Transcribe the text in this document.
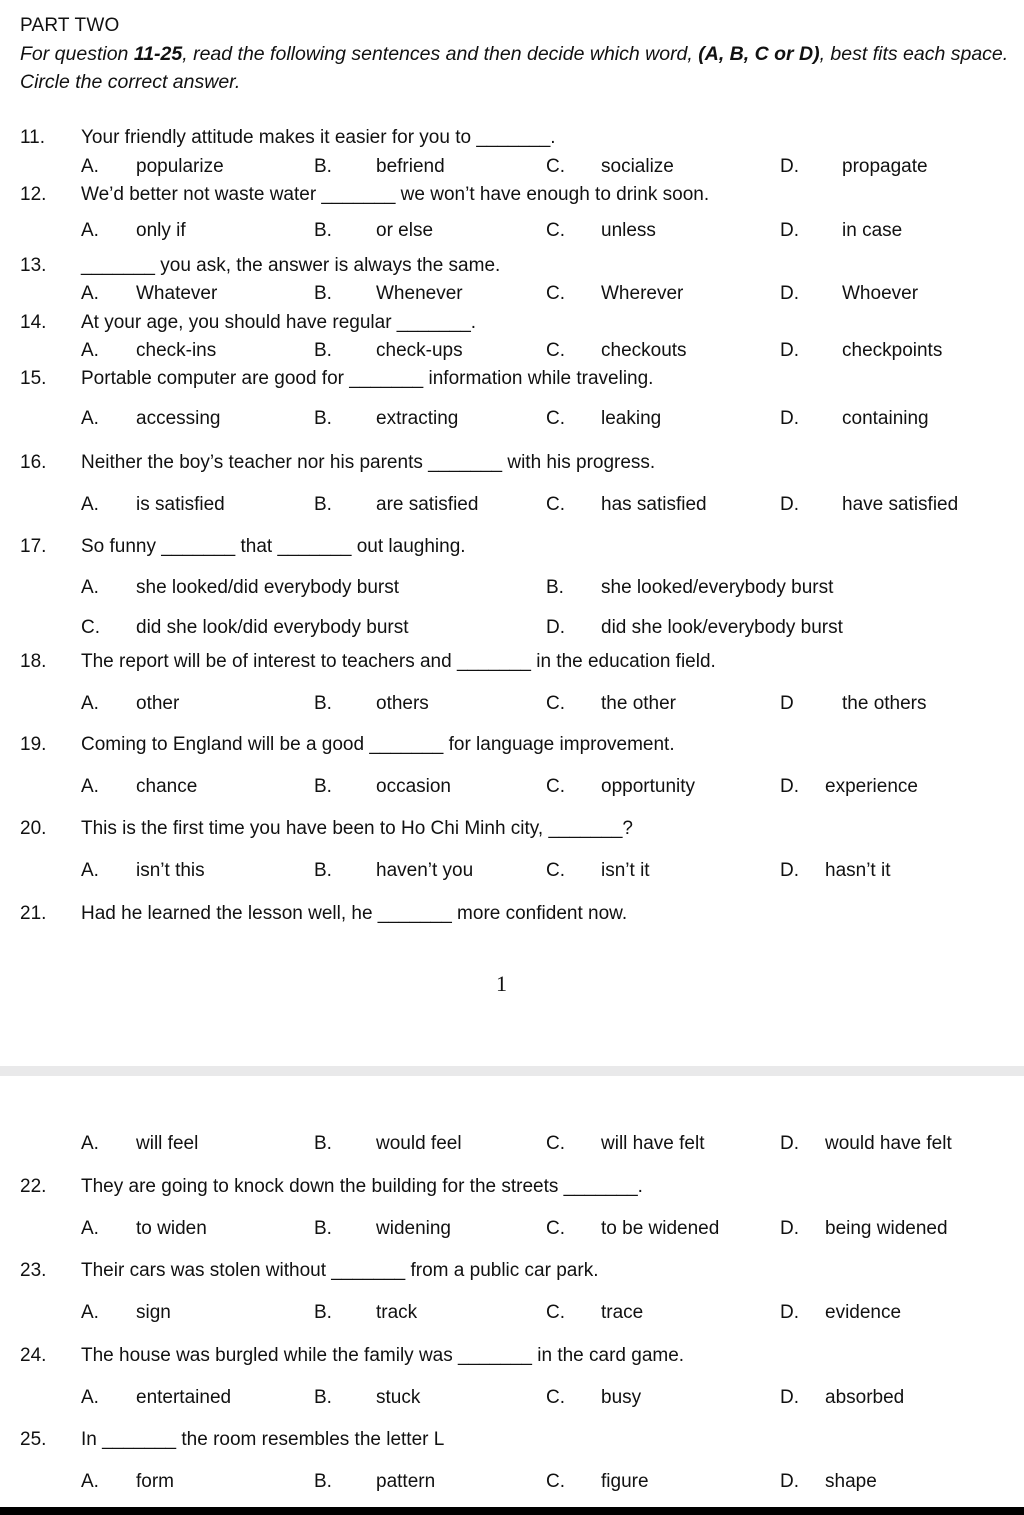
PART TWO
For question 11-25, read the following sentences and then decide which word, (A, B, C or D), best fits each space. Circle the correct answer.
11. Your friendly attitude makes it easier for you to _______.
A. popularize	B. befriend	C. socialize	D. propagate
12. We’d better not waste water _______ we won’t have enough to drink soon.
A. only if	B. or else	C. unless	D. in case
13. _______ you ask, the answer is always the same.
A. Whatever	B. Whenever	C. Wherever	D. Whoever
14. At your age, you should have regular _______.
A. check-ins	B. check-ups	C. checkouts	D. checkpoints
15. Portable computer are good for _______ information while traveling.
A. accessing	B. extracting	C. leaking	D. containing
16. Neither the boy’s teacher nor his parents _______ with his progress.
A. is satisfied	B. are satisfied	C. has satisfied	D. have satisfied
17. So funny _______ that _______ out laughing.
A. she looked/did everybody burst	B. she looked/everybody burst
C. did she look/did everybody burst	D. did she look/everybody burst
18. The report will be of interest to teachers and _______ in the education field.
A. other	B. others	C. the other	D	the others
19. Coming to England will be a good _______ for language improvement.
A. chance	B. occasion	C. opportunity	D. experience
20. This is the first time you have been to Ho Chi Minh city, _______?
A. isn’t this	B. haven’t you	C. isn’t it	D. hasn’t it
21. Had he learned the lesson well, he _______ more confident now.
1
A. will feel	B. would feel	C. will have felt	D. would have felt
22. They are going to knock down the building for the streets _______.
A. to widen	B. widening	C. to be widened	D. being widened
23. Their cars was stolen without _______ from a public car park.
A. sign	B. track	C. trace	D. evidence
24. The house was burgled while the family was _______ in the card game.
A. entertained	B. stuck	C. busy	D. absorbed
25. In _______ the room resembles the letter L
A. form	B. pattern	C. figure	D. shape
